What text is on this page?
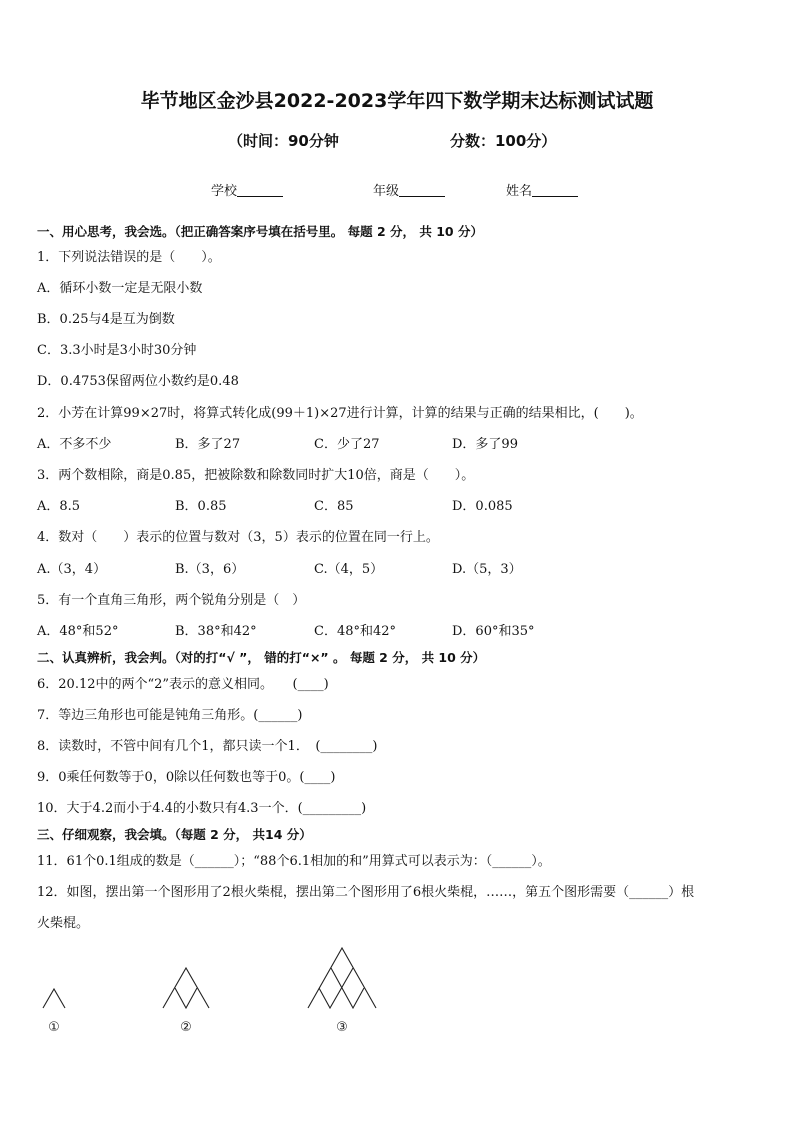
毕节地区金沙县2022-2023学年四下数学期末达标测试试题
（时间：90分钟	分数：100分）
学校	年级	姓名
一、用心思考，我会选。（把正确答案序号填在括号里。 每题 2 分， 共 10 分）
1．下列说法错误的是（　　）。
A．循环小数一定是无限小数
B．0.25与4是互为倒数
C．3.3小时是3小时30分钟
D．0.4753保留两位小数约是0.48
2．小芳在计算99×27时，将算式转化成(99＋1)×27进行计算，计算的结果与正确的结果相比，(　　)。
A．不多不少	B．多了27	C．少了27	D．多了99
3．两个数相除，商是0.85，把被除数和除数同时扩大10倍，商是（　　）。
A．8.5	B．0.85	C．85	D．0.085
4．数对（　　）表示的位置与数对（3，5）表示的位置在同一行上。
A.（3，4）	B.（3，6）	C.（4，5）	D.（5，3）
5．有一个直角三角形，两个锐角分别是（　）
A．48°和52°	B．38°和42°	C．48°和42°	D．60°和35°
二、认真辨析，我会判。（对的打“√ ”， 错的打“×” 。 每题 2 分， 共 10 分）
6．20.12中的两个“2”表示的意义相同。　　(____)
7．等边三角形也可能是钝角三角形。(______)
8．读数时，不管中间有几个1，都只读一个1．　(________)
9．0乘任何数等于0，0除以任何数也等于0。(____)
10．大于4.2而小于4.4的小数只有4.3一个．(_________)
三、仔细观察，我会填。（每题 2 分， 共14 分）
11．61个0.1组成的数是（______）；“88个6.1相加的和”用算式可以表示为：（______）。
12．如图，摆出第一个图形用了2根火柴棍，摆出第二个图形用了6根火柴棍，……，第五个图形需要（______）根
火柴棍。
①	②	③
